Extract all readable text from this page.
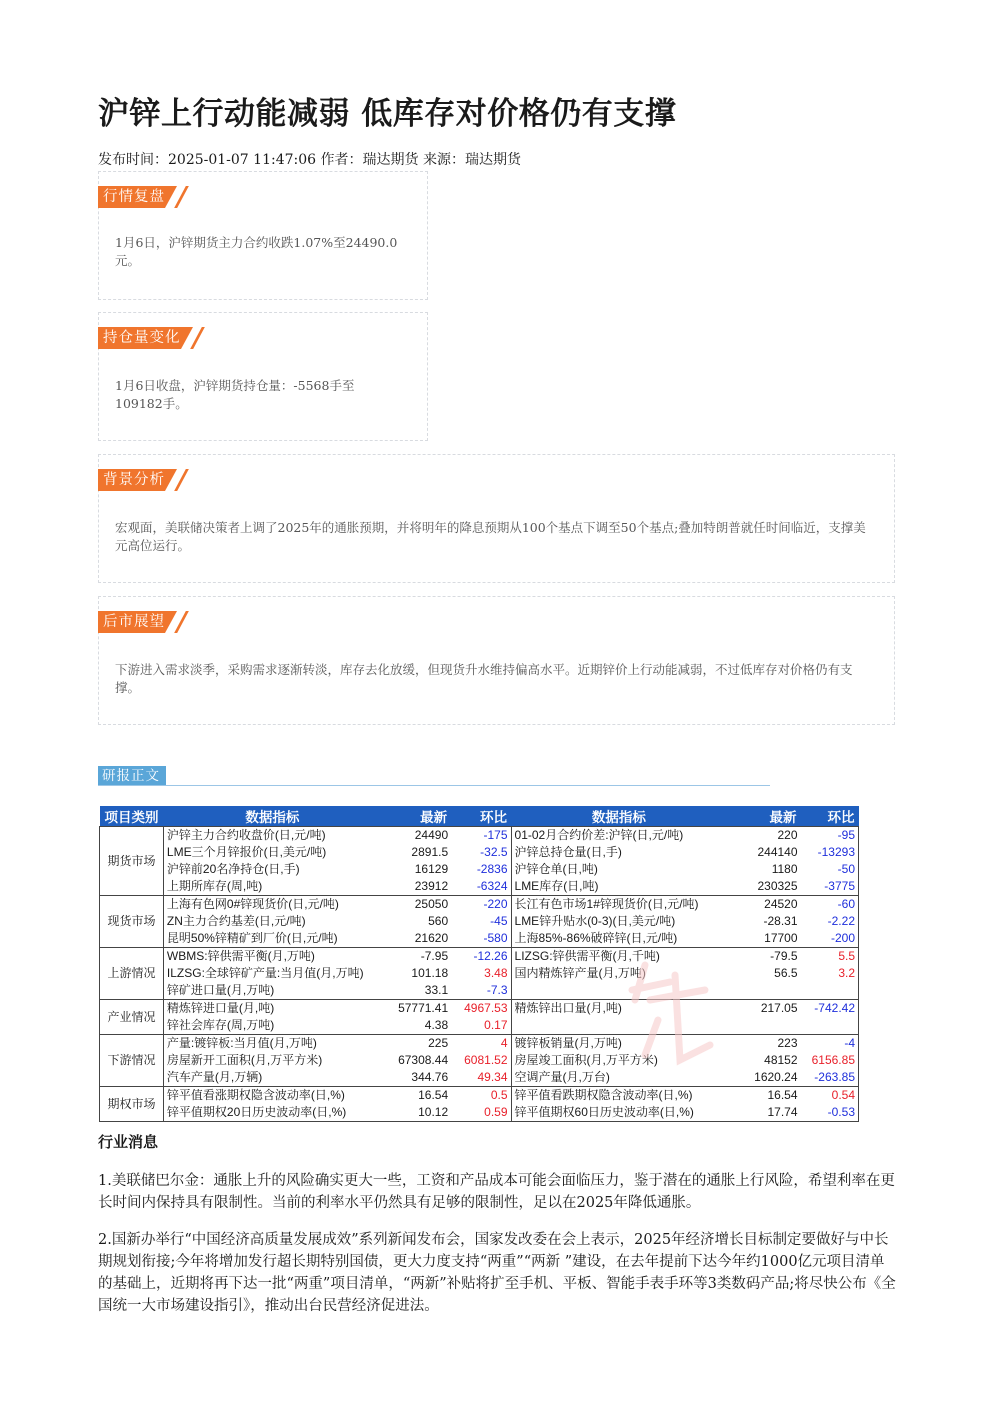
沪锌上行动能减弱 低库存对价格仍有支撑
发布时间：2025-01-07 11:47:06 作者：瑞达期货 来源：瑞达期货
行情复盘
1月6日，沪锌期货主力合约收跌1.07%至24490.0元。
持仓量变化
1月6日收盘，沪锌期货持仓量：-5568手至109182手。
背景分析
宏观面，美联储决策者上调了2025年的通胀预期，并将明年的降息预期从100个基点下调至50个基点;叠加特朗普就任时间临近，支撑美元高位运行。
后市展望
下游进入需求淡季，采购需求逐渐转淡，库存去化放缓，但现货升水维持偏高水平。近期锌价上行动能减弱，不过低库存对价格仍有支撑。
研报正文
项目类别	数据指标	最新	环比	数据指标	最新	环比
期货市场	沪锌主力合约收盘价(日,元/吨)	24490	-175	01-02月合约价差:沪锌(日,元/吨)	220	-95
	LME三个月锌报价(日,美元/吨)	2891.5	-32.5	沪锌总持仓量(日,手)	244140	-13293
	沪锌前20名净持仓(日,手)	16129	-2836	沪锌仓单(日,吨)	1180	-50
	上期所库存(周,吨)	23912	-6324	LME库存(日,吨)	230325	-3775
现货市场	上海有色网0#锌现货价(日,元/吨)	25050	-220	长江有色市场1#锌现货价(日,元/吨)	24520	-60
	ZN主力合约基差(日,元/吨)	560	-45	LME锌升贴水(0-3)(日,美元/吨)	-28.31	-2.22
	昆明50%锌精矿到厂价(日,元/吨)	21620	-580	上海85%-86%破碎锌(日,元/吨)	17700	-200
上游情况	WBMS:锌供需平衡(月,万吨)	-7.95	-12.26	LIZSG:锌供需平衡(月,千吨)	-79.5	5.5
	ILZSG:全球锌矿产量:当月值(月,万吨)	101.18	3.48	国内精炼锌产量(月,万吨)	56.5	3.2
	锌矿进口量(月,万吨)	33.1	-7.3			
产业情况	精炼锌进口量(月,吨)	57771.41	4967.53	精炼锌出口量(月,吨)	217.05	-742.42
	锌社会库存(周,万吨)	4.38	0.17			
下游情况	产量:镀锌板:当月值(月,万吨)	225	4	镀锌板销量(月,万吨)	223	-4
	房屋新开工面积(月,万平方米)	67308.44	6081.52	房屋竣工面积(月,万平方米)	48152	6156.85
	汽车产量(月,万辆)	344.76	49.34	空调产量(月,万台)	1620.24	-263.85
期权市场	锌平值看涨期权隐含波动率(日,%)	16.54	0.5	锌平值看跌期权隐含波动率(日,%)	16.54	0.54
	锌平值期权20日历史波动率(日,%)	10.12	0.59	锌平值期权60日历史波动率(日,%)	17.74	-0.53
行业消息
1.美联储巴尔金：通胀上升的风险确实更大一些，工资和产品成本可能会面临压力，鉴于潜在的通胀上行风险，希望利率在更长时间内保持具有限制性。当前的利率水平仍然具有足够的限制性，足以在2025年降低通胀。
2.国新办举行“中国经济高质量发展成效”系列新闻发布会，国家发改委在会上表示，2025年经济增长目标制定要做好与中长期规划衔接;今年将增加发行超长期特别国债，更大力度支持“两重”“两新 ”建设，在去年提前下达今年约1000亿元项目清单的基础上，近期将再下达一批“两重”项目清单，“两新”补贴将扩至手机、平板、智能手表手环等3类数码产品;将尽快公布《全国统一大市场建设指引》，推动出台民营经济促进法。
